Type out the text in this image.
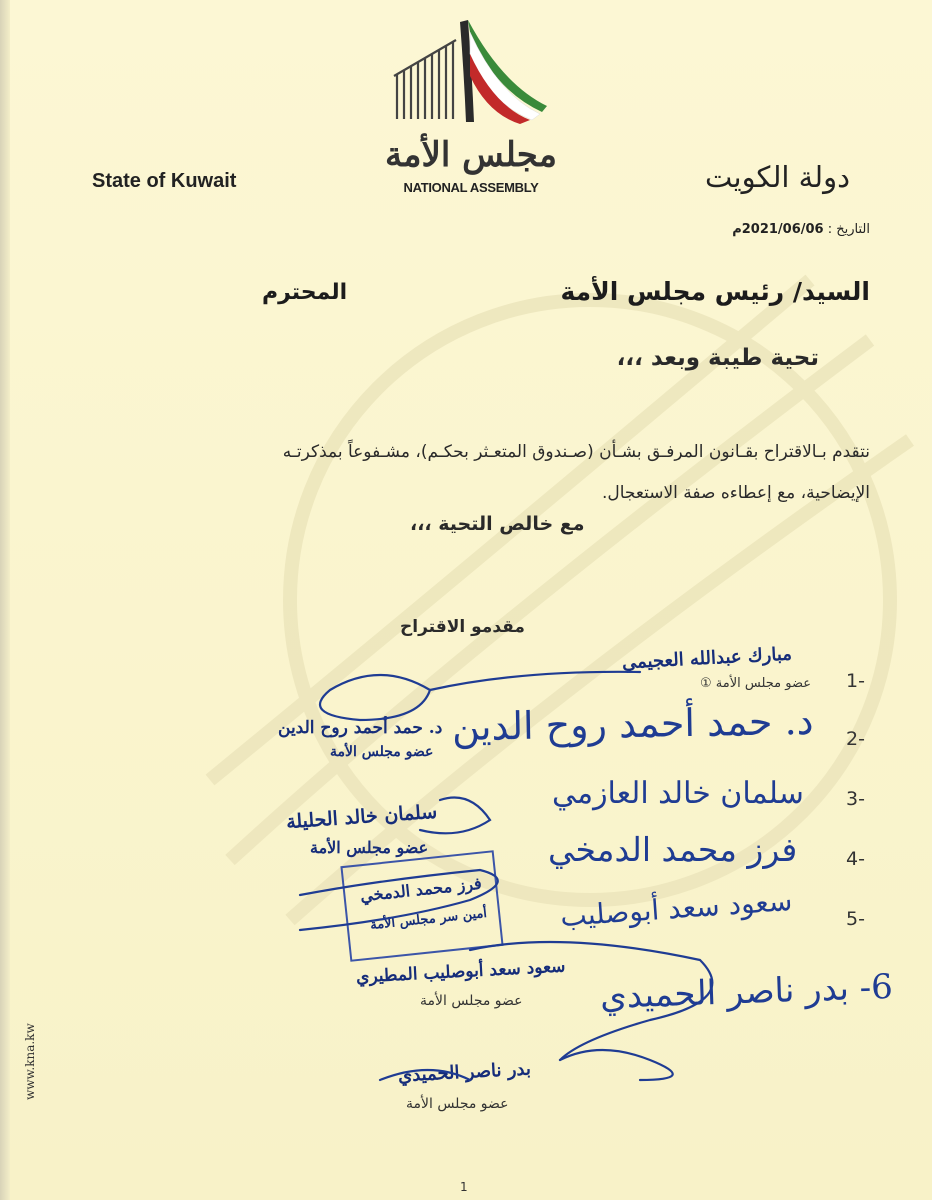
مجلس الأمة
NATIONAL ASSEMBLY
State of Kuwait	دولة الكويت
التاريخ : 2021/06/06م
السيد/ رئيس مجلس الأمة
المحترم
تحية طيبة وبعد ،،،
نتقدم بـالاقتراح بقـانون المرفـق بشـأن (صـندوق المتعـثر بحكـم)، مشـفوعاً بمذكرتـه
الإيضاحية، مع إعطاءه صفة الاستعجال.
مع خالص التحية ،،،
مقدمو الاقتراح
1-
2-
3-
4-
5-
مبارك عبدالله العجيمي
عضو مجلس الأمة ①
د. حمد أحمد روح الدين
سلمان خالد العازمي
فرز محمد الدمخي
سعود سعد أبوصليب
6- بدر ناصر الحميدي
د. حمد أحمد روح الدين
عضو مجلس الأمة
سلمان خالد الحليلة
عضو مجلس الأمة
فرز محمد الدمخي
أمين سر مجلس الأمة
سعود سعد أبوصليب المطيري
عضو مجلس الأمة
بدر ناصر الحميدي
عضو مجلس الأمة
www.kna.kw
1
